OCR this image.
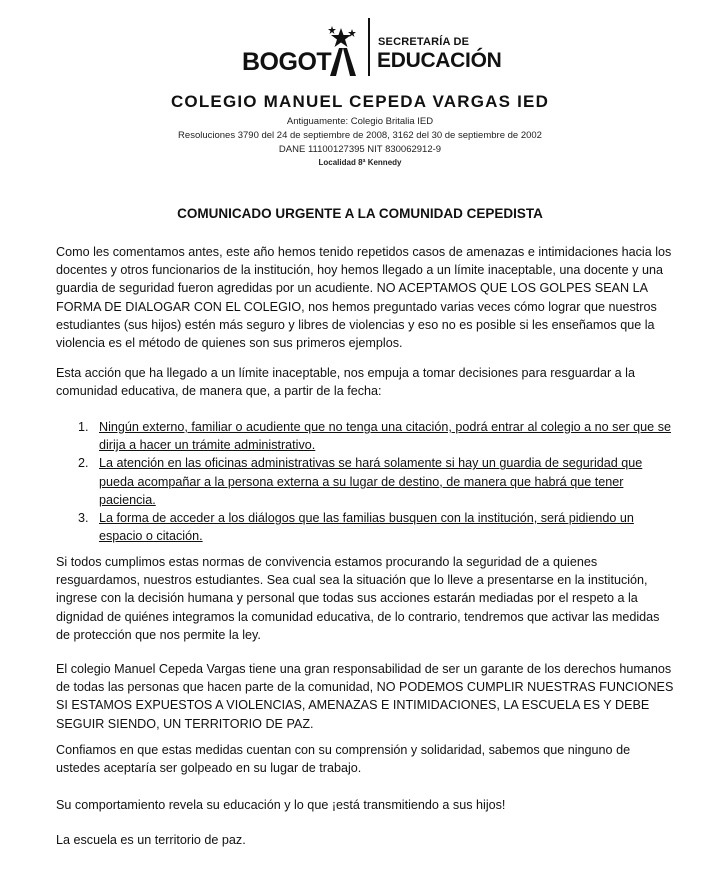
BOGOT
SECRETARÍA DE
EDUCACIÓN
COLEGIO MANUEL CEPEDA VARGAS IED
Antiguamente: Colegio Britalia IED
Resoluciones 3790 del 24 de septiembre de 2008, 3162 del 30 de septiembre de 2002
DANE 11100127395 NIT 830062912-9
Localidad 8ª Kennedy
COMUNICADO URGENTE A LA COMUNIDAD CEPEDISTA

Como les comentamos antes, este año hemos tenido repetidos casos de amenazas e intimidaciones hacia los docentes y otros funcionarios de la institución, hoy hemos llegado a un límite inaceptable, una docente y una guardia de seguridad fueron agredidas por un acudiente. NO ACEPTAMOS QUE LOS GOLPES SEAN LA FORMA DE DIALOGAR CON EL COLEGIO, nos hemos preguntado varias veces cómo lograr que nuestros estudiantes (sus hijos) estén más seguro y libres de violencias y eso no es posible si les enseñamos que la violencia es el método de quienes son sus primeros ejemplos.

Esta acción que ha llegado a un límite inaceptable, nos empuja a tomar decisiones para resguardar a la comunidad educativa, de manera que, a partir de la fecha:

1. Ningún externo, familiar o acudiente que no tenga una citación, podrá entrar al colegio a no ser que se dirija a hacer un trámite administrativo.
2. La atención en las oficinas administrativas se hará solamente si hay un guardia de seguridad que pueda acompañar a la persona externa a su lugar de destino, de manera que habrá que tener paciencia.
3. La forma de acceder a los diálogos que las familias busquen con la institución, será pidiendo un espacio o citación.

Si todos cumplimos estas normas de convivencia estamos procurando la seguridad de a quienes resguardamos, nuestros estudiantes. Sea cual sea la situación que lo lleve a presentarse en la institución, ingrese con la decisión humana y personal que todas sus acciones estarán mediadas por el respeto a la dignidad de quiénes integramos la comunidad educativa, de lo contrario, tendremos que activar las medidas de protección que nos permite la ley.

El colegio Manuel Cepeda Vargas tiene una gran responsabilidad de ser un garante de los derechos humanos de todas las personas que hacen parte de la comunidad, NO PODEMOS CUMPLIR NUESTRAS FUNCIONES SI ESTAMOS EXPUESTOS A VIOLENCIAS, AMENAZAS E INTIMIDACIONES, LA ESCUELA ES Y DEBE SEGUIR SIENDO, UN TERRITORIO DE PAZ.

Confiamos en que estas medidas cuentan con su comprensión y solidaridad, sabemos que ninguno de ustedes aceptaría ser golpeado en su lugar de trabajo.

Su comportamiento revela su educación y lo que ¡está transmitiendo a sus hijos!

La escuela es un territorio de paz.
